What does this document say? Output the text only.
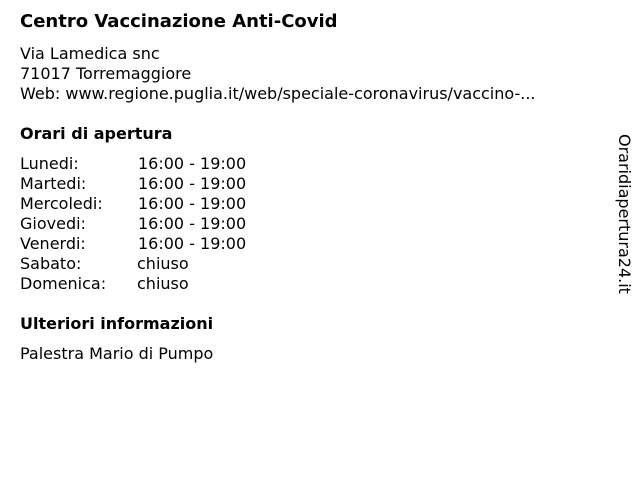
Centro Vaccinazione Anti-Covid
Via Lamedica snc
71017 Torremaggiore
Web: www.regione.puglia.it/web/speciale-coronavirus/vaccino-...
Orari di apertura
Lunedi:	16:00 - 19:00
Martedi:	16:00 - 19:00
Mercoledi: 16:00 - 19:00
Giovedi:	16:00 - 19:00
Venerdi:	16:00 - 19:00
Sabato:	chiuso
Domenica: chiuso
Ulteriori informazioni
Palestra Mario di Pumpo
Oraridiapertura24.it
